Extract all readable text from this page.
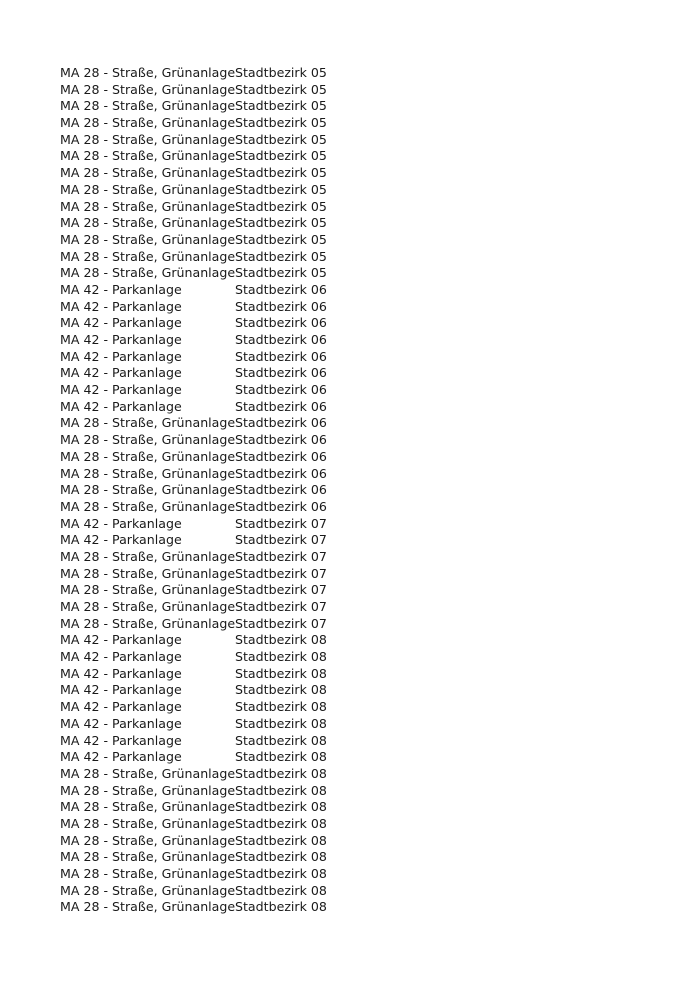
MA 28 - Straße, Grünanlage Stadtbezirk 05
MA 28 - Straße, Grünanlage Stadtbezirk 05
MA 28 - Straße, Grünanlage Stadtbezirk 05
MA 28 - Straße, Grünanlage Stadtbezirk 05
MA 28 - Straße, Grünanlage Stadtbezirk 05
MA 28 - Straße, Grünanlage Stadtbezirk 05
MA 28 - Straße, Grünanlage Stadtbezirk 05
MA 28 - Straße, Grünanlage Stadtbezirk 05
MA 28 - Straße, Grünanlage Stadtbezirk 05
MA 28 - Straße, Grünanlage Stadtbezirk 05
MA 28 - Straße, Grünanlage Stadtbezirk 05
MA 28 - Straße, Grünanlage Stadtbezirk 05
MA 28 - Straße, Grünanlage Stadtbezirk 05
MA 42 - Parkanlage	Stadtbezirk 06
MA 42 - Parkanlage	Stadtbezirk 06
MA 42 - Parkanlage	Stadtbezirk 06
MA 42 - Parkanlage	Stadtbezirk 06
MA 42 - Parkanlage	Stadtbezirk 06
MA 42 - Parkanlage	Stadtbezirk 06
MA 42 - Parkanlage	Stadtbezirk 06
MA 42 - Parkanlage	Stadtbezirk 06
MA 28 - Straße, Grünanlage Stadtbezirk 06
MA 28 - Straße, Grünanlage Stadtbezirk 06
MA 28 - Straße, Grünanlage Stadtbezirk 06
MA 28 - Straße, Grünanlage Stadtbezirk 06
MA 28 - Straße, Grünanlage Stadtbezirk 06
MA 28 - Straße, Grünanlage Stadtbezirk 06
MA 42 - Parkanlage	Stadtbezirk 07
MA 42 - Parkanlage	Stadtbezirk 07
MA 28 - Straße, Grünanlage Stadtbezirk 07
MA 28 - Straße, Grünanlage Stadtbezirk 07
MA 28 - Straße, Grünanlage Stadtbezirk 07
MA 28 - Straße, Grünanlage Stadtbezirk 07
MA 28 - Straße, Grünanlage Stadtbezirk 07
MA 42 - Parkanlage	Stadtbezirk 08
MA 42 - Parkanlage	Stadtbezirk 08
MA 42 - Parkanlage	Stadtbezirk 08
MA 42 - Parkanlage	Stadtbezirk 08
MA 42 - Parkanlage	Stadtbezirk 08
MA 42 - Parkanlage	Stadtbezirk 08
MA 42 - Parkanlage	Stadtbezirk 08
MA 42 - Parkanlage	Stadtbezirk 08
MA 28 - Straße, Grünanlage Stadtbezirk 08
MA 28 - Straße, Grünanlage Stadtbezirk 08
MA 28 - Straße, Grünanlage Stadtbezirk 08
MA 28 - Straße, Grünanlage Stadtbezirk 08
MA 28 - Straße, Grünanlage Stadtbezirk 08
MA 28 - Straße, Grünanlage Stadtbezirk 08
MA 28 - Straße, Grünanlage Stadtbezirk 08
MA 28 - Straße, Grünanlage Stadtbezirk 08
MA 28 - Straße, Grünanlage Stadtbezirk 08
